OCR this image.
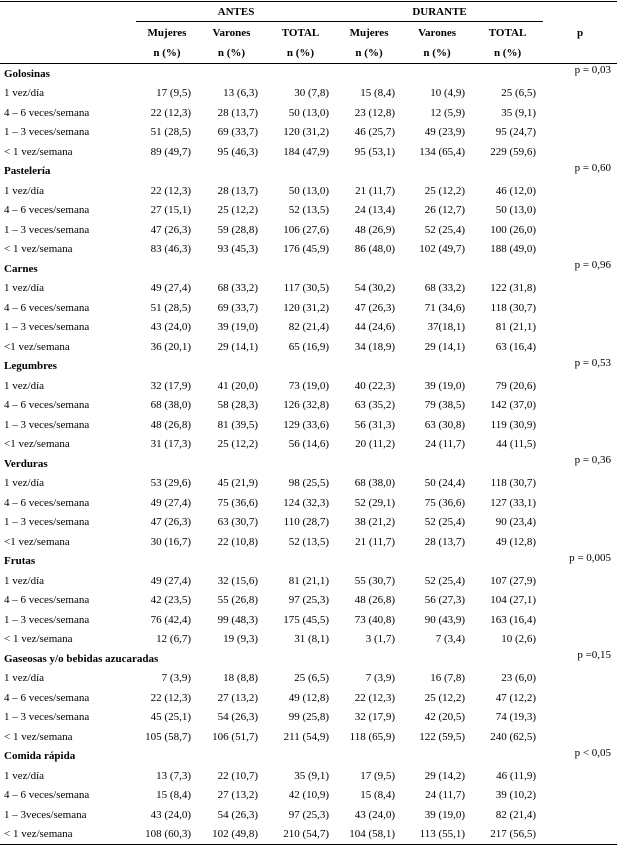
	ANTES			DURANTE			p
	Mujeres	Varones	TOTAL	Mujeres	Varones	TOTAL	
	n (%)	n (%)	n (%)	n (%)	n (%)	n (%)	
Golosinas							p = 0,03
1 vez/día	17 (9,5)	13 (6,3)	30 (7,8)	15 (8,4)	10 (4,9)	25 (6,5)	
4 – 6 veces/semana	22 (12,3)	28 (13,7)	50 (13,0)	23 (12,8)	12 (5,9)	35 (9,1)	
1 – 3 veces/semana	51 (28,5)	69 (33,7)	120 (31,2)	46 (25,7)	49 (23,9)	95 (24,7)	
< 1 vez/semana	89 (49,7)	95 (46,3)	184 (47,9)	95 (53,1)	134 (65,4)	229 (59,6)	
Pastelería							p = 0,60
1 vez/día	22 (12,3)	28 (13,7)	50 (13,0)	21 (11,7)	25 (12,2)	46 (12,0)	
4 – 6 veces/semana	27 (15,1)	25 (12,2)	52 (13,5)	24 (13,4)	26 (12,7)	50 (13,0)	
1 – 3 veces/semana	47 (26,3)	59 (28,8)	106 (27,6)	48 (26,9)	52 (25,4)	100 (26,0)	
< 1 vez/semana	83 (46,3)	93 (45,3)	176 (45,9)	86 (48,0)	102 (49,7)	188 (49,0)	
Carnes							p = 0,96
1 vez/día	49 (27,4)	68 (33,2)	117 (30,5)	54 (30,2)	68 (33,2)	122 (31,8)	
4 – 6 veces/semana	51 (28,5)	69 (33,7)	120 (31,2)	47 (26,3)	71 (34,6)	118 (30,7)	
1 – 3 veces/semana	43 (24,0)	39 (19,0)	82 (21,4)	44 (24,6)	37(18,1)	81 (21,1)	
<1 vez/semana	36 (20,1)	29 (14,1)	65 (16,9)	34 (18,9)	29 (14,1)	63 (16,4)	
Legumbres							p = 0,53
1 vez/día	32 (17,9)	41 (20,0)	73 (19,0)	40 (22,3)	39 (19,0)	79 (20,6)	
4 – 6 veces/semana	68 (38,0)	58 (28,3)	126 (32,8)	63 (35,2)	79 (38,5)	142 (37,0)	
1 – 3 veces/semana	48 (26,8)	81 (39,5)	129 (33,6)	56 (31,3)	63 (30,8)	119 (30,9)	
<1 vez/semana	31 (17,3)	25 (12,2)	56 (14,6)	20 (11,2)	24 (11,7)	44 (11,5)	
Verduras							p = 0,36
1 vez/día	53 (29,6)	45 (21,9)	98 (25,5)	68 (38,0)	50 (24,4)	118 (30,7)	
4 – 6 veces/semana	49 (27,4)	75 (36,6)	124 (32,3)	52 (29,1)	75 (36,6)	127 (33,1)	
1 – 3 veces/semana	47 (26,3)	63 (30,7)	110 (28,7)	38 (21,2)	52 (25,4)	90 (23,4)	
<1 vez/semana	30 (16,7)	22 (10,8)	52 (13,5)	21 (11,7)	28 (13,7)	49 (12,8)	
Frutas							p = 0,005
1 vez/día	49 (27,4)	32 (15,6)	81 (21,1)	55 (30,7)	52 (25,4)	107 (27,9)	
4 – 6 veces/semana	42 (23,5)	55 (26,8)	97 (25,3)	48 (26,8)	56 (27,3)	104 (27,1)	
1 – 3 veces/semana	76 (42,4)	99 (48,3)	175 (45,5)	73 (40,8)	90 (43,9)	163 (16,4)	
< 1 vez/semana	12 (6,7)	19 (9,3)	31 (8,1)	3 (1,7)	7 (3,4)	10 (2,6)	
Gaseosas y/o bebidas azucaradas							p =0,15
1 vez/día	7 (3,9)	18 (8,8)	25 (6,5)	7 (3,9)	16 (7,8)	23 (6,0)	
4 – 6 veces/semana	22 (12,3)	27 (13,2)	49 (12,8)	22 (12,3)	25 (12,2)	47 (12,2)	
1 – 3 veces/semana	45 (25,1)	54 (26,3)	99 (25,8)	32 (17,9)	42 (20,5)	74 (19,3)	
< 1 vez/semana	105 (58,7)	106 (51,7)	211 (54,9)	118 (65,9)	122 (59,5)	240 (62,5)	
Comida rápida							p < 0,05
1 vez/día	13 (7,3)	22 (10,7)	35 (9,1)	17 (9,5)	29 (14,2)	46 (11,9)	
4 – 6 veces/semana	15 (8,4)	27 (13,2)	42 (10,9)	15 (8,4)	24 (11,7)	39 (10,2)	
1 – 3veces/semana	43 (24,0)	54 (26,3)	97 (25,3)	43 (24,0)	39 (19,0)	82 (21,4)	
< 1 vez/semana	108 (60,3)	102 (49,8)	210 (54,7)	104 (58,1)	113 (55,1)	217 (56,5)	
